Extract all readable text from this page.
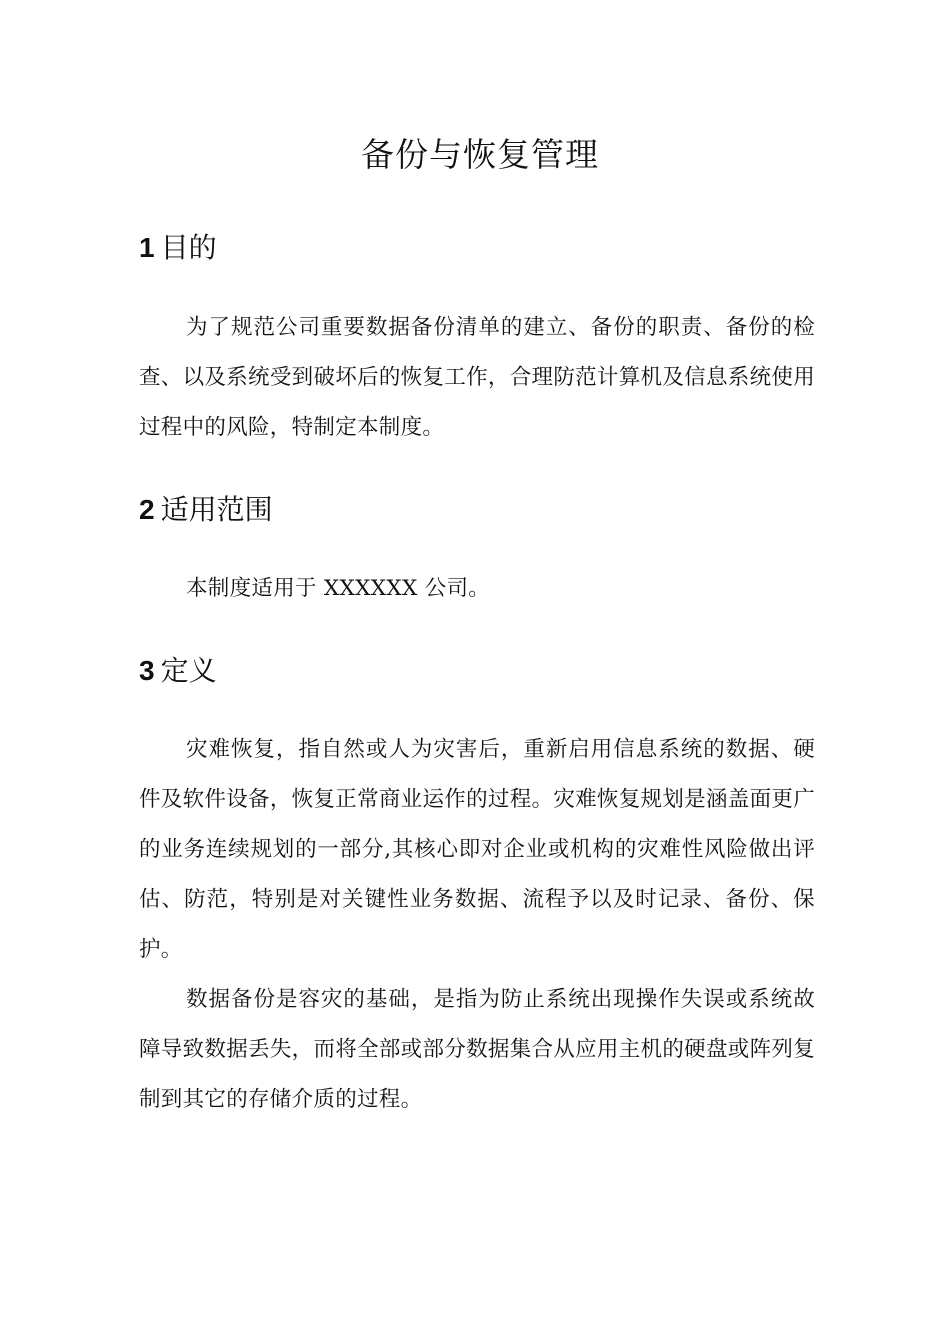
备份与恢复管理
1 目的

为了规范公司重要数据备份清单的建立、备份的职责、备份的检查、以及系统受到破坏后的恢复工作，合理防范计算机及信息系统使用过程中的风险，特制定本制度。

2 适用范围

本制度适用于 XXXXXX 公司。

3 定义

灾难恢复，指自然或人为灾害后，重新启用信息系统的数据、硬件及软件设备，恢复正常商业运作的过程。灾难恢复规划是涵盖面更广的业务连续规划的一部分,其核心即对企业或机构的灾难性风险做出评估、防范，特别是对关键性业务数据、流程予以及时记录、备份、保护。

数据备份是容灾的基础，是指为防止系统出现操作失误或系统故障导致数据丢失，而将全部或部分数据集合从应用主机的硬盘或阵列复制到其它的存储介质的过程。
